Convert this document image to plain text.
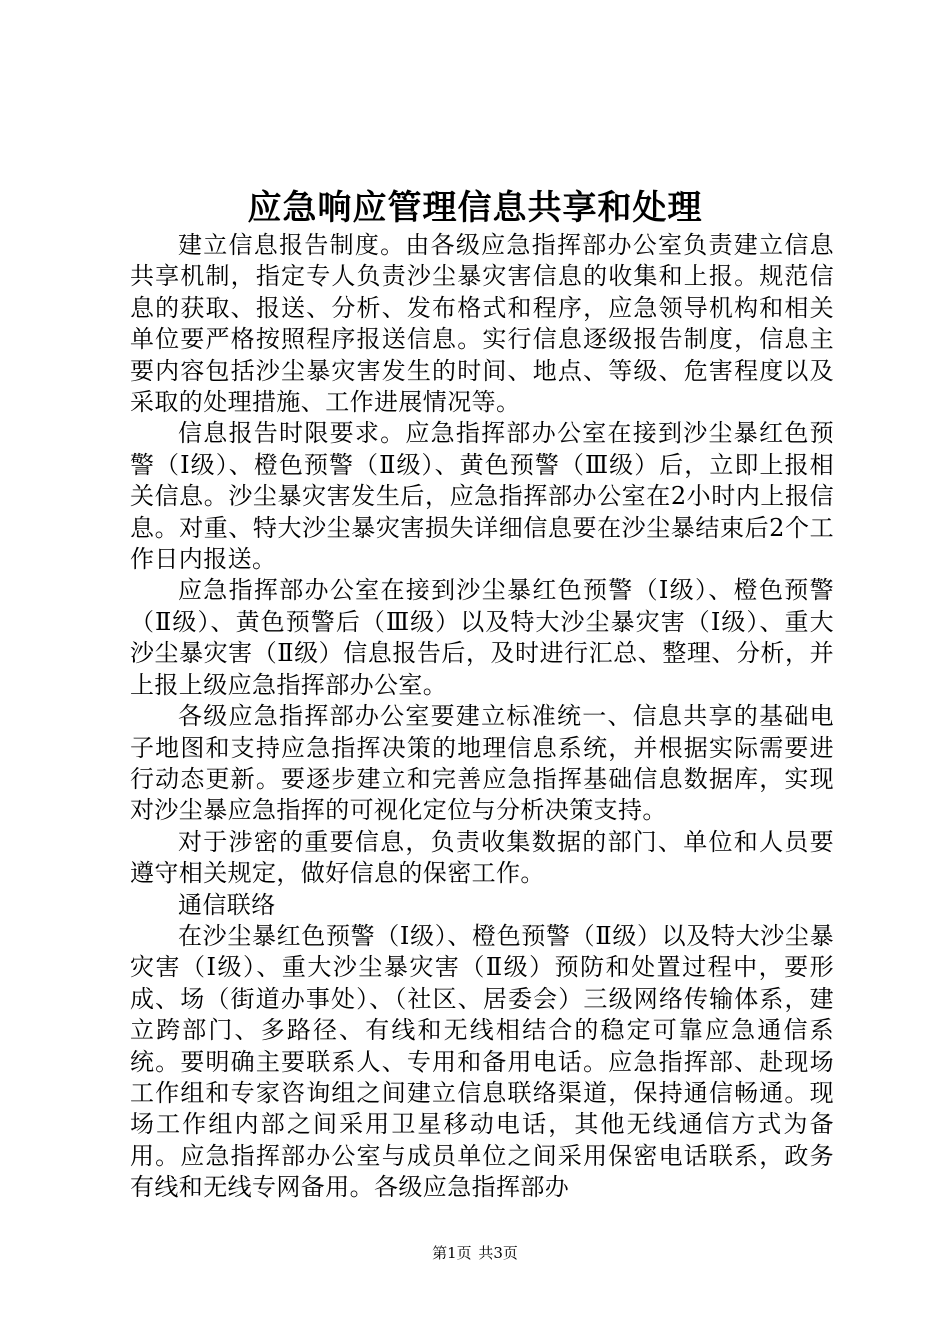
应急响应管理信息共享和处理

建立信息报告制度。由各级应急指挥部办公室负责建立信息共享机制，指定专人负责沙尘暴灾害信息的收集和上报。规范信息的获取、报送、分析、发布格式和程序，应急领导机构和相关单位要严格按照程序报送信息。实行信息逐级报告制度，信息主要内容包括沙尘暴灾害发生的时间、地点、等级、危害程度以及采取的处理措施、工作进展情况等。

信息报告时限要求。应急指挥部办公室在接到沙尘暴红色预警（Ⅰ级）、橙色预警（Ⅱ级）、黄色预警（Ⅲ级）后，立即上报相关信息。沙尘暴灾害发生后，应急指挥部办公室在2小时内上报信息。对重、特大沙尘暴灾害损失详细信息要在沙尘暴结束后2个工作日内报送。

应急指挥部办公室在接到沙尘暴红色预警（Ⅰ级）、橙色预警（Ⅱ级）、黄色预警后（Ⅲ级）以及特大沙尘暴灾害（Ⅰ级）、重大沙尘暴灾害（Ⅱ级）信息报告后，及时进行汇总、整理、分析，并上报上级应急指挥部办公室。

各级应急指挥部办公室要建立标准统一、信息共享的基础电子地图和支持应急指挥决策的地理信息系统，并根据实际需要进行动态更新。要逐步建立和完善应急指挥基础信息数据库，实现对沙尘暴应急指挥的可视化定位与分析决策支持。

对于涉密的重要信息，负责收集数据的部门、单位和人员要遵守相关规定，做好信息的保密工作。

通信联络

在沙尘暴红色预警（Ⅰ级）、橙色预警（Ⅱ级）以及特大沙尘暴灾害（Ⅰ级）、重大沙尘暴灾害（Ⅱ级）预防和处置过程中，要形成、场（街道办事处）、（社区、居委会）三级网络传输体系，建立跨部门、多路径、有线和无线相结合的稳定可靠应急通信系统。要明确主要联系人、专用和备用电话。应急指挥部、赴现场工作组和专家咨询组之间建立信息联络渠道，保持通信畅通。现场工作组内部之间采用卫星移动电话，其他无线通信方式为备用。应急指挥部办公室与成员单位之间采用保密电话联系，政务有线和无线专网备用。各级应急指挥部办

第1页 共3页
